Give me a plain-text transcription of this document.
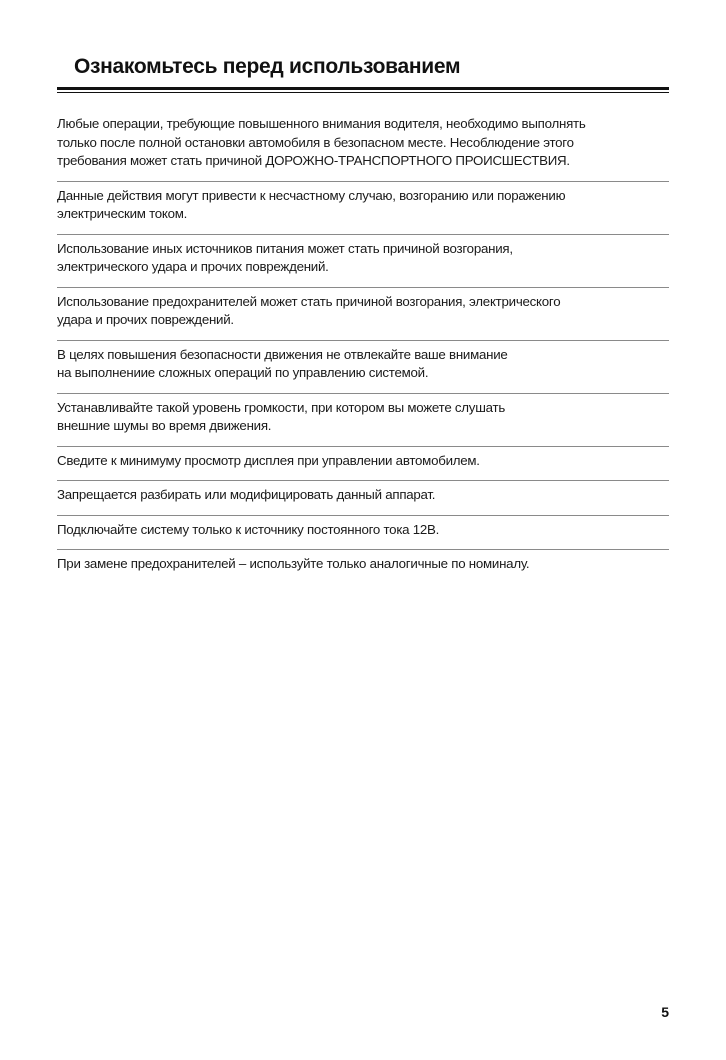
Ознакомьтесь перед использованием
Любые операции, требующие повышенного внимания водителя, необходимо выполнять
только после полной остановки автомобиля в безопасном месте. Несоблюдение этого
требования может стать причиной ДОРОЖНО-ТРАНСПОРТНОГО ПРОИСШЕСТВИЯ.
Данные действия могут привести к несчастному случаю, возгоранию или поражению
электрическим током.
Использование иных источников питания может стать причиной возгорания,
электрического удара и прочих повреждений.
Использование предохранителей может стать причиной возгорания, электрического
удара и прочих повреждений.
В целях повышения безопасности движения не отвлекайте ваше внимание
на выполнениие сложных операций по управлению системой.
Устанавливайте такой уровень громкости, при котором вы можете слушать
внешние шумы во время движения.
Сведите к минимуму просмотр дисплея при управлении автомобилем.
Запрещается разбирать или модифицировать данный аппарат.
Подключайте систему только к источнику постоянного тока 12В.
При замене предохранителей – используйте только аналогичные по номиналу.
5
